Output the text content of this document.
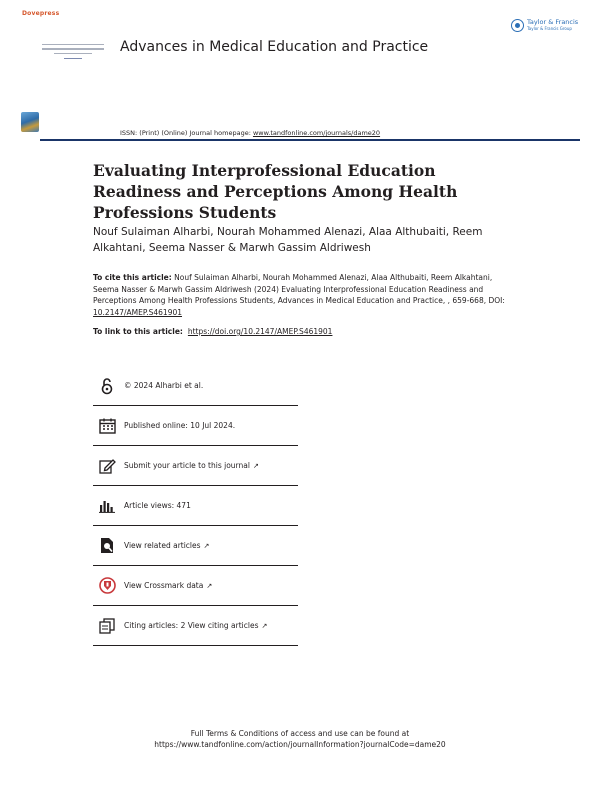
Dovepress
Taylor & Francis
Taylor & Francis Group
Advances in Medical Education and Practice
ISSN: (Print) (Online) Journal homepage: www.tandfonline.com/journals/dame20
Evaluating Interprofessional Education Readiness and Perceptions Among Health Professions Students
Nouf Sulaiman Alharbi, Nourah Mohammed Alenazi, Alaa Althubaiti, Reem Alkahtani, Seema Nasser & Marwh Gassim Aldriwesh
To cite this article: Nouf Sulaiman Alharbi, Nourah Mohammed Alenazi, Alaa Althubaiti, Reem Alkahtani, Seema Nasser & Marwh Gassim Aldriwesh (2024) Evaluating Interprofessional Education Readiness and Perceptions Among Health Professions Students, Advances in Medical Education and Practice, , 659-668, DOI: 10.2147/AMEP.S461901
To link to this article: https://doi.org/10.2147/AMEP.S461901
© 2024 Alharbi et al.
Published online: 10 Jul 2024.
Submit your article to this journal ↗
Article views: 471
View related articles ↗
View Crossmark data ↗
Citing articles: 2 View citing articles ↗
Full Terms & Conditions of access and use can be found at
https://www.tandfonline.com/action/journalInformation?journalCode=dame20
